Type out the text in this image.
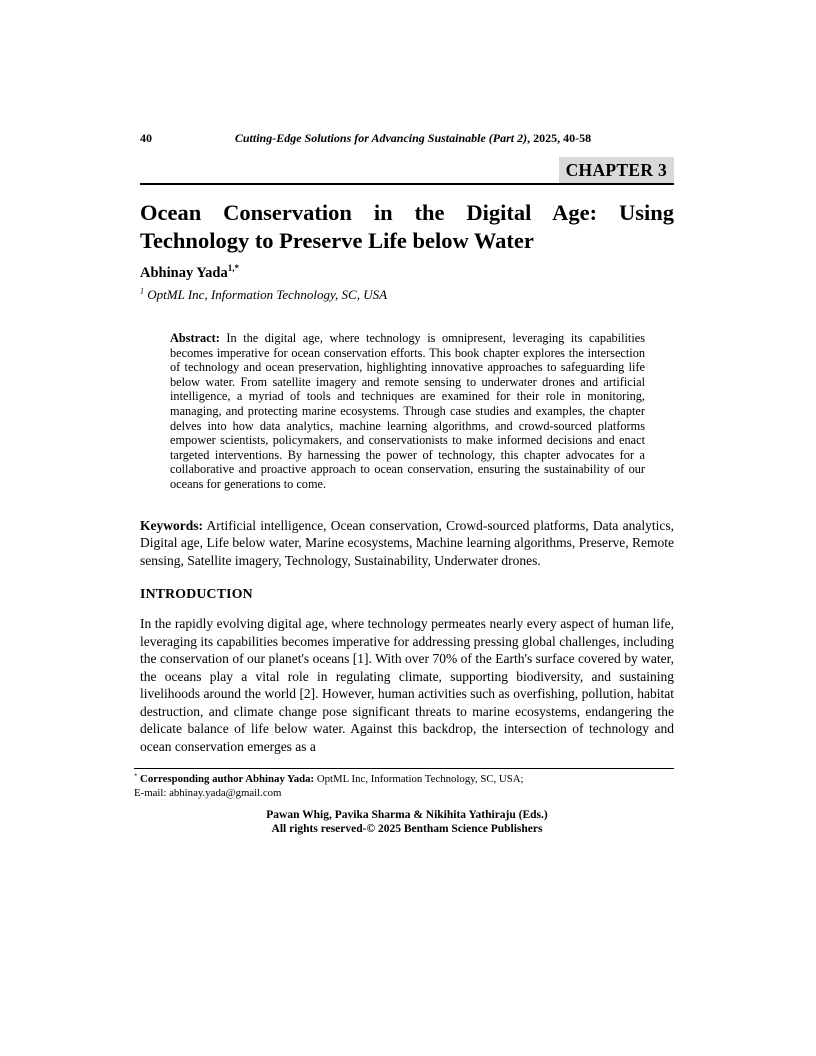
40	Cutting-Edge Solutions for Advancing Sustainable (Part 2), 2025, 40-58
CHAPTER 3
Ocean Conservation in the Digital Age: Using
Technology to Preserve Life below Water
Abhinay Yada$^{1,*}$
$^1$ OptML Inc, Information Technology, SC, USA
Abstract: In the digital age, where technology is omnipresent, leveraging its capabilities becomes imperative for ocean conservation efforts. This book chapter explores the intersection of technology and ocean preservation, highlighting innovative approaches to safeguarding life below water. From satellite imagery and remote sensing to underwater drones and artificial intelligence, a myriad of tools and techniques are examined for their role in monitoring, managing, and protecting marine ecosystems. Through case studies and examples, the chapter delves into how data analytics, machine learning algorithms, and crowd-sourced platforms empower scientists, policymakers, and conservationists to make informed decisions and enact targeted interventions. By harnessing the power of technology, this chapter advocates for a collaborative and proactive approach to ocean conservation, ensuring the sustainability of our oceans for generations to come.
Keywords: Artificial intelligence, Ocean conservation, Crowd-sourced platforms, Data analytics, Digital age, Life below water, Marine ecosystems, Machine learning algorithms, Preserve, Remote sensing, Satellite imagery, Technology, Sustainability, Underwater drones.
INTRODUCTION
In the rapidly evolving digital age, where technology permeates nearly every aspect of human life, leveraging its capabilities becomes imperative for addressing pressing global challenges, including the conservation of our planet's oceans [1]. With over 70% of the Earth's surface covered by water, the oceans play a vital role in regulating climate, supporting biodiversity, and sustaining livelihoods around the world [2]. However, human activities such as overfishing, pollution, habitat destruction, and climate change pose significant threats to marine ecosystems, endangering the delicate balance of life below water. Against this backdrop, the intersection of technology and ocean conservation emerges as a
* Corresponding author Abhinay Yada: OptML Inc, Information Technology, SC, USA;
E-mail: abhinay.yada@gmail.com
Pawan Whig, Pavika Sharma & Nikihita Yathiraju (Eds.)
All rights reserved-© 2025 Bentham Science Publishers
